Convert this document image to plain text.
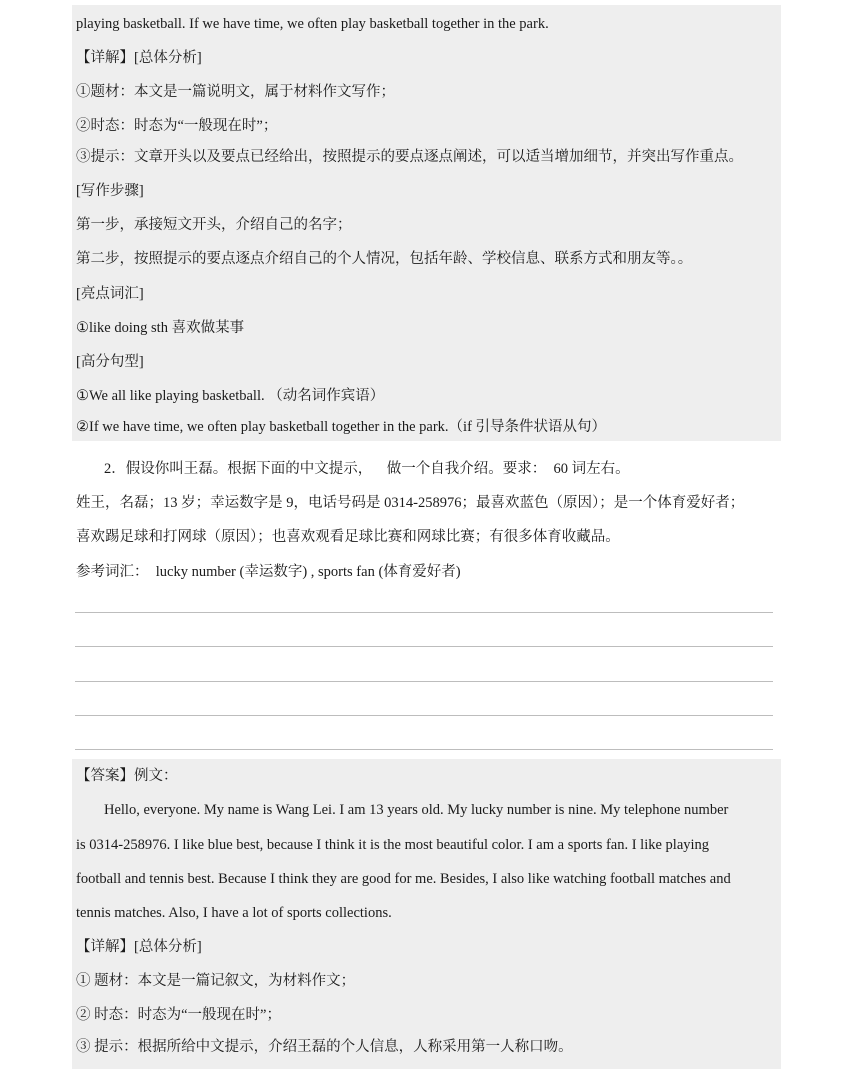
playing basketball. If we have time, we often play basketball together in the park.
【详解】[总体分析]
①题材：本文是一篇说明文，属于材料作文写作；
②时态：时态为“一般现在时”；
③提示：文章开头以及要点已经给出，按照提示的要点逐点阐述，可以适当增加细节，并突出写作重点。
[写作步骤]
第一步，承接短文开头，介绍自己的名字；
第二步，按照提示的要点逐点介绍自己的个人情况，包括年龄、学校信息、联系方式和朋友等。。
[亮点词汇]
①like doing sth 喜欢做某事
[高分句型]
①We all like playing basketball. （动名词作宾语）
②If we have time, we often play basketball together in the park.（if 引导条件状语从句）
2．假设你叫王磊。根据下面的中文提示，    做一个自我介绍。要求：  60 词左右。
姓王，名磊；13 岁；幸运数字是 9，电话号码是 0314-258976；最喜欢蓝色（原因）；是一个体育爱好者；
喜欢踢足球和打网球（原因）；也喜欢观看足球比赛和网球比赛；有很多体育收藏品。
参考词汇：  lucky number (幸运数字) , sports fan (体育爱好者)
【答案】例文：
Hello, everyone. My name is Wang Lei. I am 13 years old. My lucky number is nine. My telephone number
is 0314-258976. I like blue best, because I think it is the most beautiful color. I am a sports fan. I like playing
football and tennis best. Because I think they are good for me. Besides, I also like watching football matches and
tennis matches. Also, I have a lot of sports collections.
【详解】[总体分析]
① 题材：本文是一篇记叙文，为材料作文；
② 时态：时态为“一般现在时”；
③ 提示：根据所给中文提示，介绍王磊的个人信息，人称采用第一人称口吻。
